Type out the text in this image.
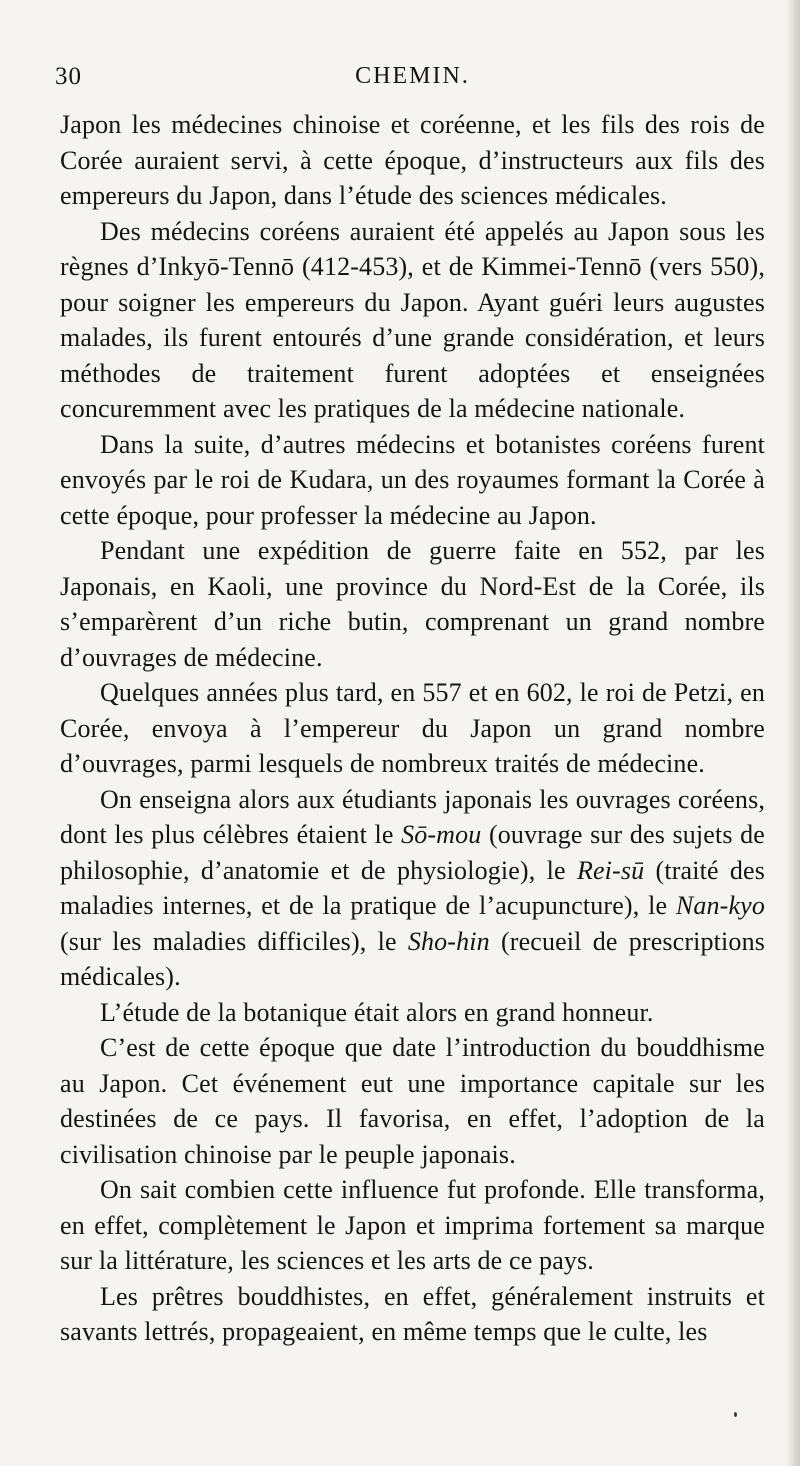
30	CHEMIN.

Japon les médecines chinoise et coréenne, et les fils des rois de Corée auraient servi, à cette époque, d’instructeurs aux fils des empereurs du Japon, dans l’étude des sciences médicales.

Des médecins coréens auraient été appelés au Japon sous les règnes d’Inkyō-Tennō (412-453), et de Kimmei-Tennō (vers 550), pour soigner les empereurs du Japon. Ayant guéri leurs augustes malades, ils furent entourés d’une grande considération, et leurs méthodes de traitement furent adoptées et enseignées concuremment avec les pratiques de la médecine nationale.

Dans la suite, d’autres médecins et botanistes coréens furent envoyés par le roi de Kudara, un des royaumes formant la Corée à cette époque, pour professer la médecine au Japon.

Pendant une expédition de guerre faite en 552, par les Japonais, en Kaoli, une province du Nord-Est de la Corée, ils s’emparèrent d’un riche butin, comprenant un grand nombre d’ouvrages de médecine.

Quelques années plus tard, en 557 et en 602, le roi de Petzi, en Corée, envoya à l’empereur du Japon un grand nombre d’ouvrages, parmi lesquels de nombreux traités de médecine.

On enseigna alors aux étudiants japonais les ouvrages coréens, dont les plus célèbres étaient le Sō-mou (ouvrage sur des sujets de philosophie, d’anatomie et de physiologie), le Rei-sū (traité des maladies internes, et de la pratique de l’acupuncture), le Nan-kyo (sur les maladies difficiles), le Sho-hin (recueil de prescriptions médicales).

L’étude de la botanique était alors en grand honneur.

C’est de cette époque que date l’introduction du bouddhisme au Japon. Cet événement eut une importance capitale sur les destinées de ce pays. Il favorisa, en effet, l’adoption de la civilisation chinoise par le peuple japonais.

On sait combien cette influence fut profonde. Elle transforma, en effet, complètement le Japon et imprima fortement sa marque sur la littérature, les sciences et les arts de ce pays.

Les prêtres bouddhistes, en effet, généralement instruits et savants lettrés, propageaient, en même temps que le culte, les
